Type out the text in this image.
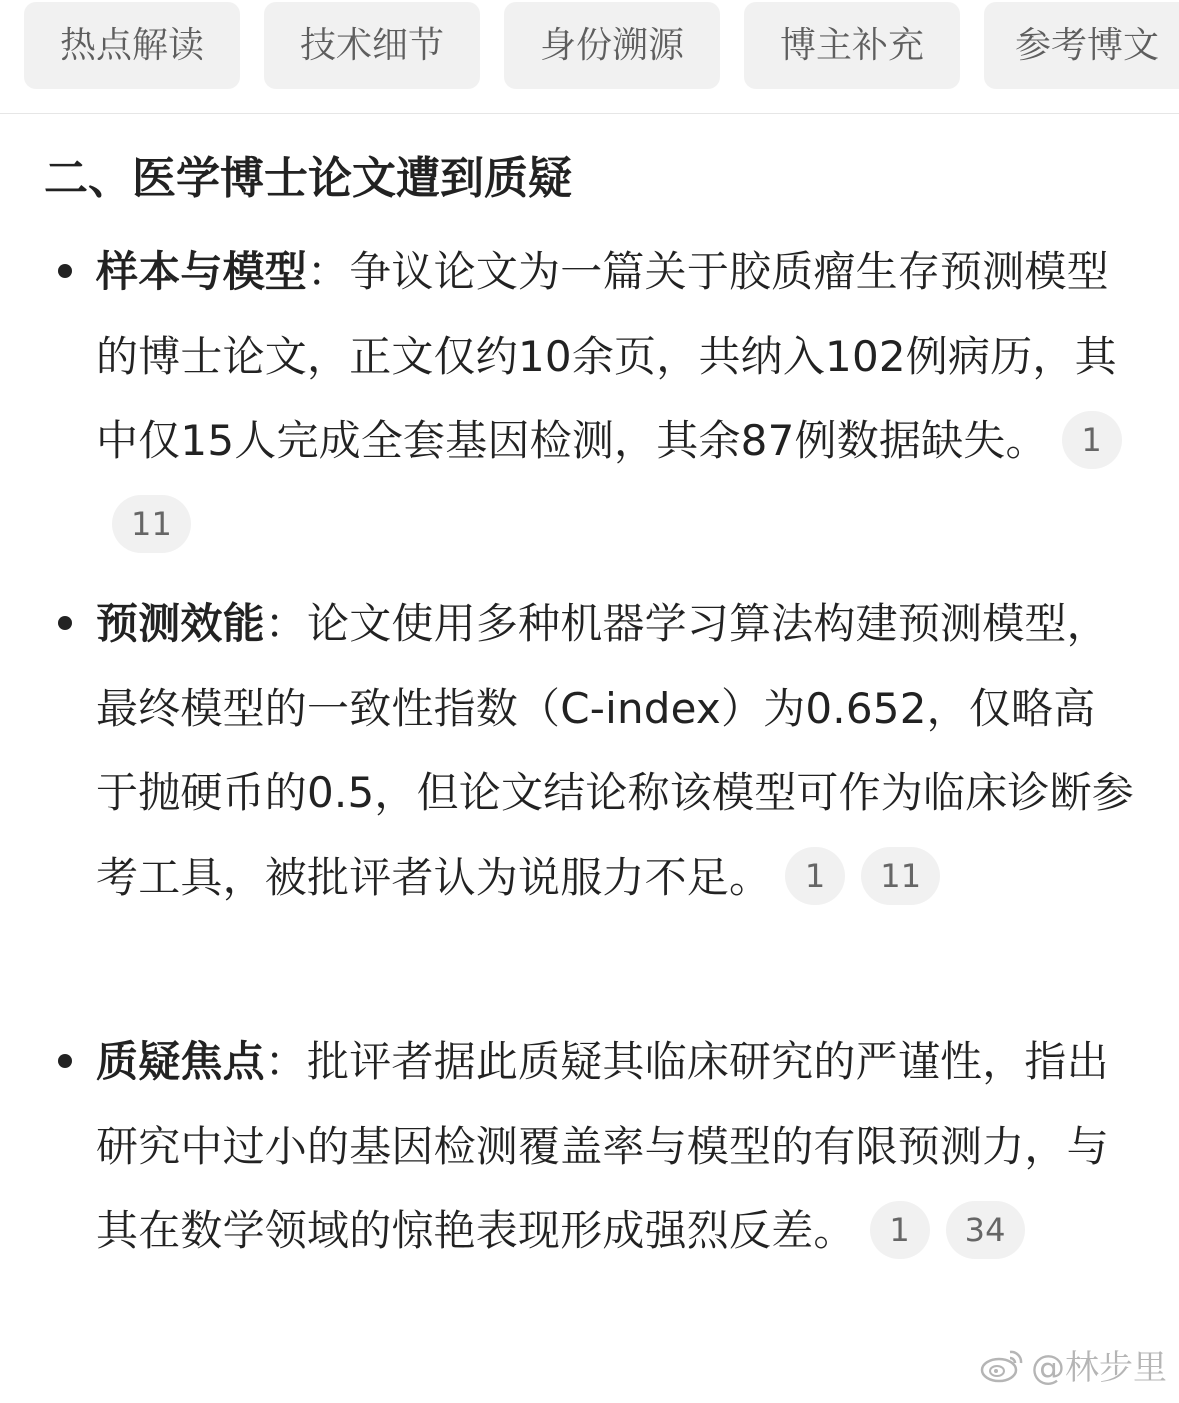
热点解读	技术细节	身份溯源	博主补充	参考博文
二、医学博士论文遭到质疑
样本与模型：争议论文为一篇关于胶质瘤生存预测模型的博士论文，正文仅约10余页，共纳入102例病历，其中仅15人完成全套基因检测，其余87例数据缺失。 111
预测效能：论文使用多种机器学习算法构建预测模型，最终模型的一致性指数（C-index）为0.652，仅略高于抛硬币的0.5，但论文结论称该模型可作为临床诊断参考工具，被批评者认为说服力不足。 1 11
质疑焦点：批评者据此质疑其临床研究的严谨性，指出研究中过小的基因检测覆盖率与模型的有限预测力，与其在数学领域的惊艳表现形成强烈反差。 1 34
@林步里
